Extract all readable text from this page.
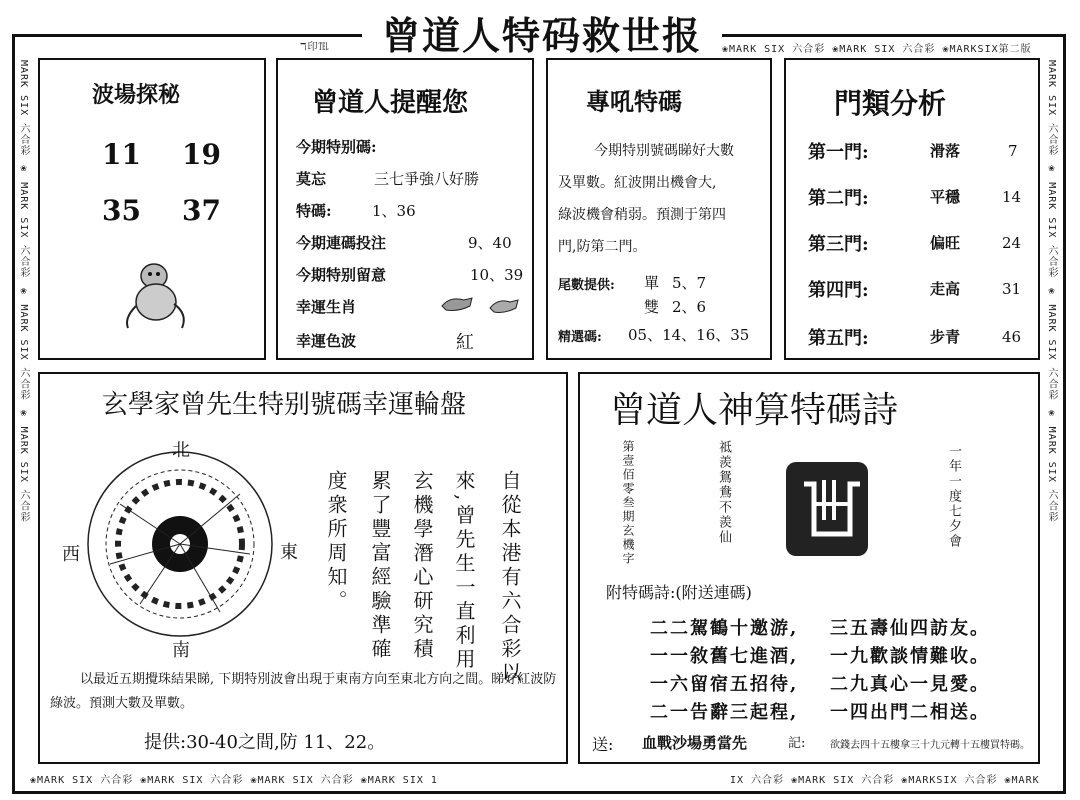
ℸ印℡	曾道人特码救世报	❀MARK SIX 六合彩 ❀MARK SIX 六合彩 ❀MARKSIX第二版
MARK SIX 六合彩 ❀ MARK SIX 六合彩 ❀ MARK SIX 六合彩 ❀ MARK SIX 六合彩	MARK SIX 六合彩 ❀ MARK SIX 六合彩 ❀ MARK SIX 六合彩 ❀ MARK SIX 六合彩
❀MARK SIX 六合彩 ❀MARK SIX 六合彩 ❀MARK SIX 六合彩 ❀MARK SIX 1	IX 六合彩 ❀MARK SIX 六合彩 ❀MARKSIX 六合彩 ❀MARK
波場探秘
11 19
35 37
曾道人提醒您
今期特别碼:
莫忘	三七爭強八好勝
特碼:	1、36
今期連碼投注	9、40
今期特别留意	10、39
幸運生肖
幸運色波	紅
專吼特碼
今期特別號碼睇好大數
及單數。紅波開出機會大,
綠波機會稍弱。預測于第四
門,防第二門。
尾數提供: 單 5、7
雙 2、6
精選碼: 05、14、16、35
門類分析
第一門:	滑落	7
第二門:	平穩	14
第三門:	偏旺	24
第四門:	走高	31
第五門:	步青	46
玄學家曾先生特别號碼幸運輪盤
北
南
西	東	自從本港有六合彩以
來,曾先生一直利用
玄機學潛心研究積
累了豐富經驗準確
度衆所周知。
以最近五期攪珠結果睇, 下期特別波會出現于東南方向至東北方向之間。睇好紅波防綠波。預測大數及單數。
提供:30-40之間,防 11、22。
曾道人神算特碼詩
第壹佰零叁期玄機字	祗羨鴛鴦不羨仙	一年一度七夕會
附特碼詩:(附送連碼)
二二駕鶴十邀游, 三五壽仙四訪友。
一一敘舊七進酒, 一九歡談情難收。
一六留宿五招待, 二九真心一見愛。
二一告辭三起程, 一四出門二相送。
送: 血戰沙場勇當先	記: 欲錢去四十五樓拿三十九元轉十五樓買特碼。
